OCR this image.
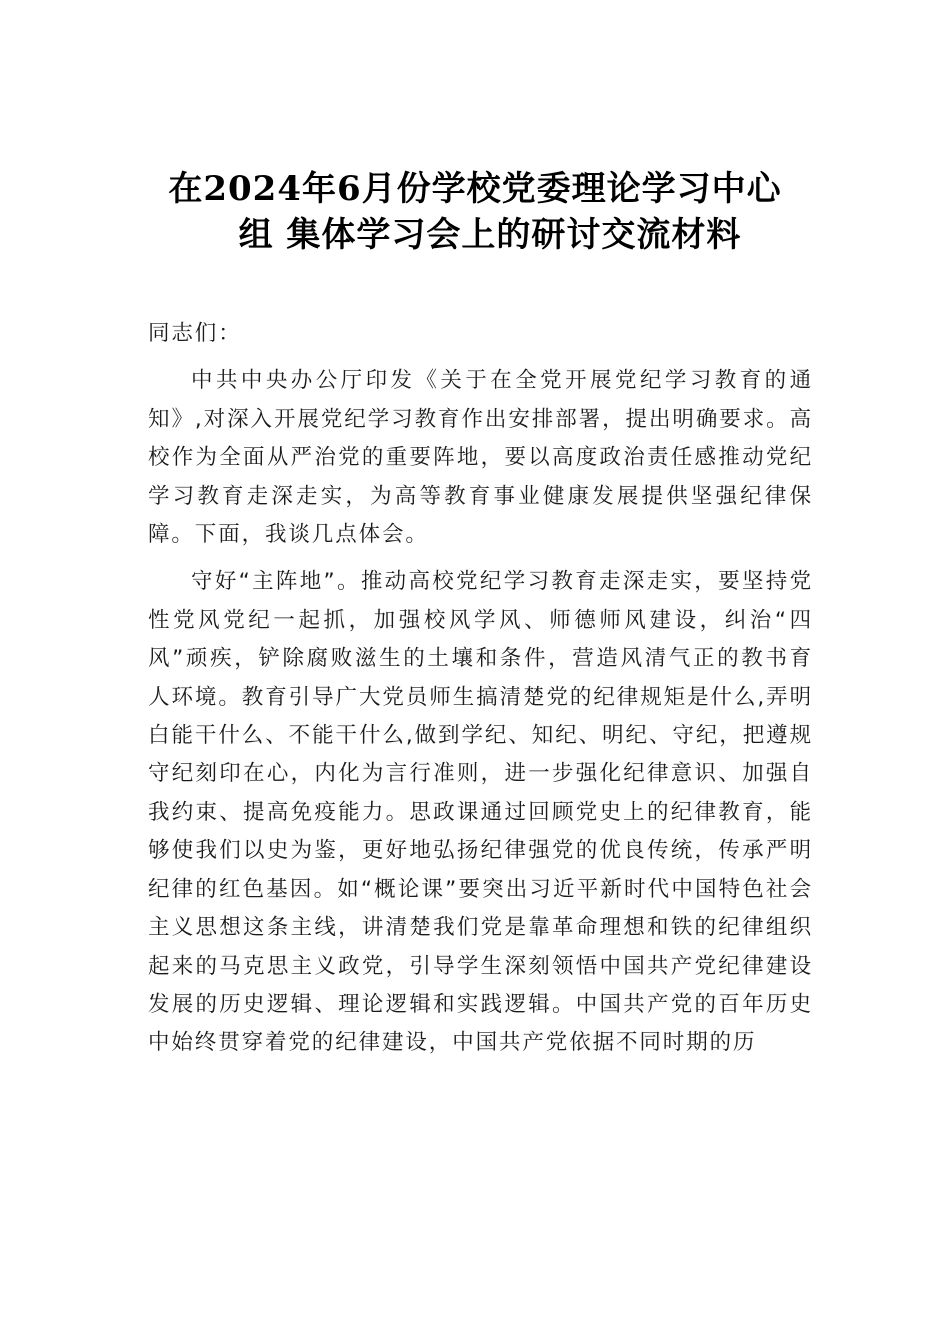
在2024年6月份学校党委理论学习中心
组 集体学习会上的研讨交流材料

同志们：

中共中央办公厅印发《关于在全党开展党纪学习教育的通知》,对深入开展党纪学习教育作出安排部署，提出明确要求。高校作为全面从严治党的重要阵地，要以高度政治责任感推动党纪学习教育走深走实，为高等教育事业健康发展提供坚强纪律保障。下面，我谈几点体会。

守好“主阵地”。推动高校党纪学习教育走深走实，要坚持党性党风党纪一起抓，加强校风学风、师德师风建设，纠治“四风”顽疾，铲除腐败滋生的土壤和条件，营造风清气正的教书育人环境。教育引导广大党员师生搞清楚党的纪律规矩是什么,弄明白能干什么、不能干什么,做到学纪、知纪、明纪、守纪，把遵规守纪刻印在心，内化为言行准则，进一步强化纪律意识、加强自我约束、提高免疫能力。思政课通过回顾党史上的纪律教育，能够使我们以史为鉴，更好地弘扬纪律强党的优良传统，传承严明纪律的红色基因。如“概论课”要突出习近平新时代中国特色社会主义思想这条主线，讲清楚我们党是靠革命理想和铁的纪律组织起来的马克思主义政党，引导学生深刻领悟中国共产党纪律建设发展的历史逻辑、理论逻辑和实践逻辑。中国共产党的百年历史中始终贯穿着党的纪律建设，中国共产党依据不同时期的历
